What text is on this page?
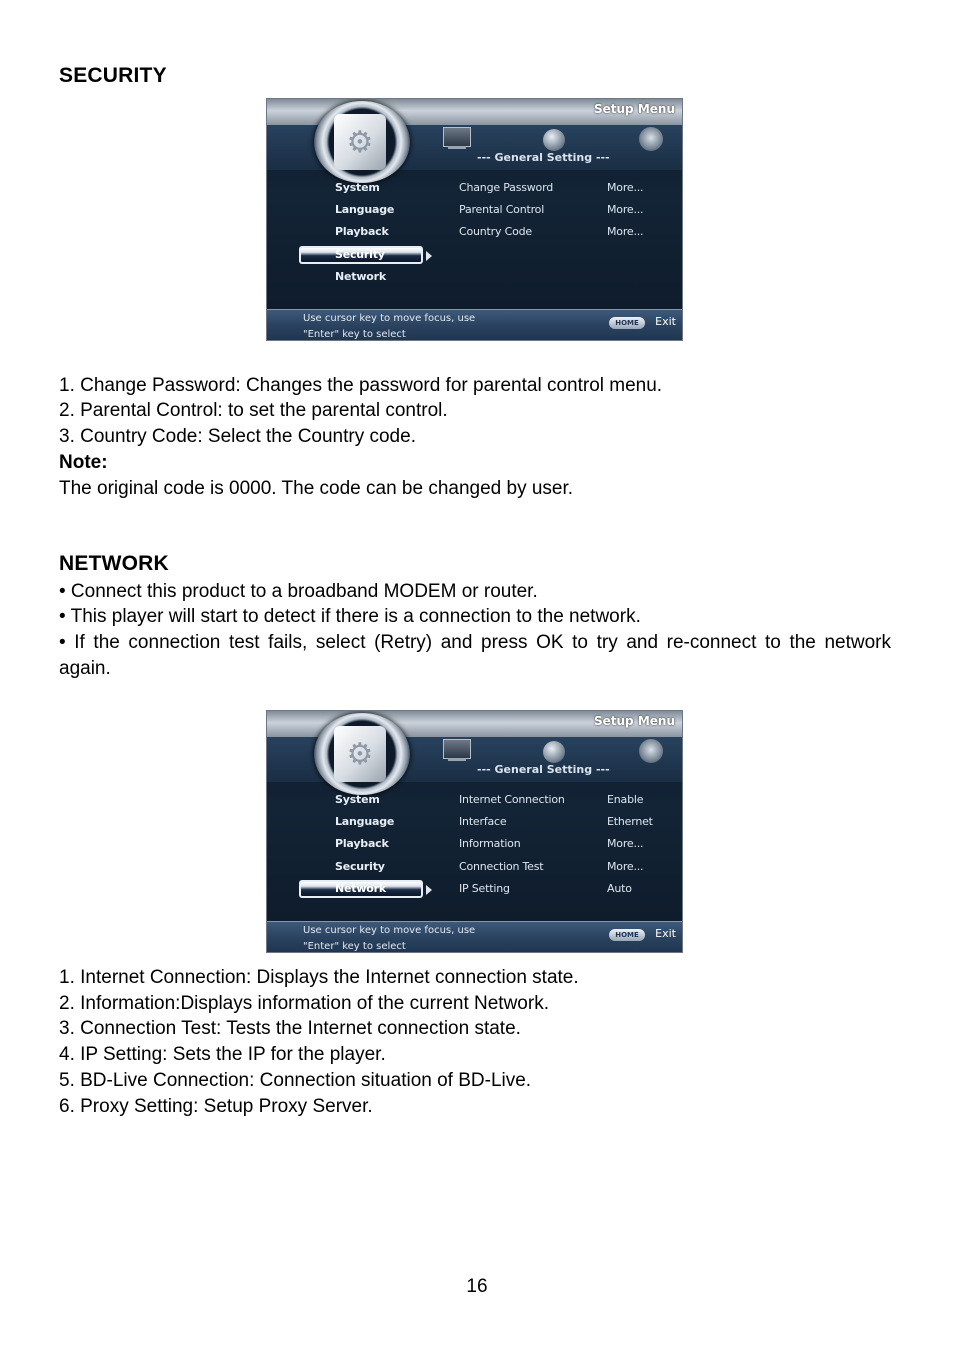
SECURITY
Setup Menu
⚙	--- General Setting ---
System
Language
Playback
Security
Network
Change Password	More...
Parental Control	More...
Country Code	More...
Use cursor key to move focus, use
"Enter" key to select
HOME	Exit

1. Change Password: Changes the password for parental control menu.

2. Parental Control: to set the parental control.

3. Country Code: Select the Country code.

Note:

The original code is 0000. The code can be changed by user.

NETWORK

• Connect this product to a broadband MODEM or router.

• This player will start to detect if there is a connection to the network.

• If the connection test fails, select (Retry) and press OK to try and re-connect to the network again.

Setup Menu
⚙	--- General Setting ---
System
Language
Playback
Security
Network
Internet Connection	Enable
Interface	Ethernet
Information	More...
Connection Test	More...
IP Setting	Auto
Use cursor key to move focus, use
"Enter" key to select
HOME	Exit

1. Internet Connection: Displays the Internet connection state.

2. Information:Displays information of the current Network.

3. Connection Test: Tests the Internet connection state.

4. IP Setting: Sets the IP for the player.

5. BD-Live Connection: Connection situation of BD-Live.

6. Proxy Setting: Setup Proxy Server.

16
